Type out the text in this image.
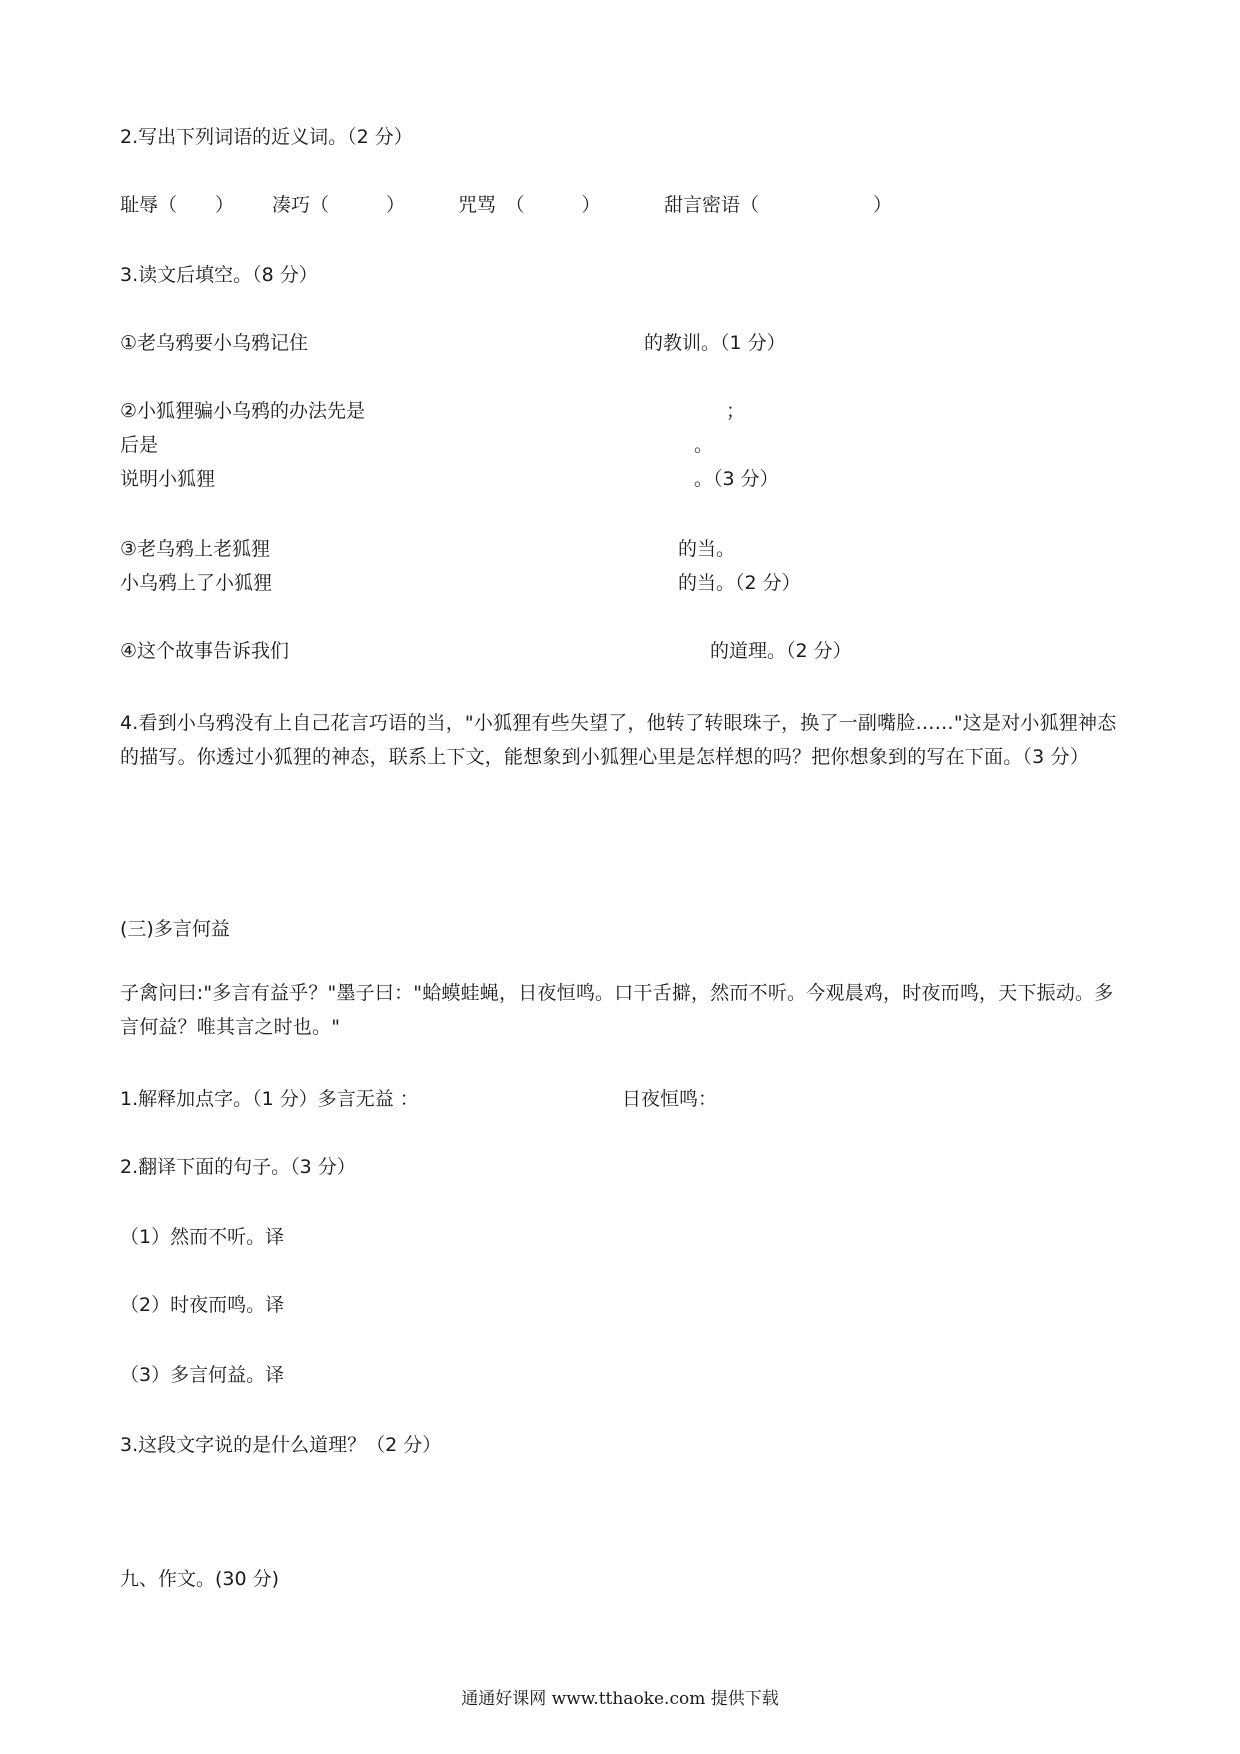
2.写出下列词语的近义词。（2 分）
耻辱（　　） 凑巧（　　　）	咒骂　（　　　）	甜言密语（　　　　　　）
3.读文后填空。（8 分）
①老乌鸦要小乌鸦记住	的教训。（1 分）
②小狐狸骗小乌鸦的办法先是	；
后是	。
说明小狐狸	。（3 分）
③老乌鸦上老狐狸	的当。
小乌鸦上了小狐狸	的当。（2 分）
④这个故事告诉我们	的道理。（2 分）
4.看到小乌鸦没有上自己花言巧语的当，"小狐狸有些失望了，他转了转眼珠子，换了一副嘴脸……"这是对小狐狸神态的描写。你透过小狐狸的神态，联系上下文，能想象到小狐狸心里是怎样想的吗？把你想象到的写在下面。（3 分）
(三)多言何益
子禽问曰:"多言有益乎？"墨子曰："蛤蟆蛙蝇，日夜恒鸣。口干舌擗，然而不听。今观晨鸡，时夜而鸣，天下振动。多言何益？唯其言之时也。"
1.解释加点字。（1 分）多言无益 ：	日夜恒鸣：
2.翻译下面的句子。（3 分）
（1）然而不听。译
（2）时夜而鸣。译
（3）多言何益。译
3.这段文字说的是什么道理？（2 分）
九、作文。(30 分)
通通好课网 www.tthaoke.com 提供下载
